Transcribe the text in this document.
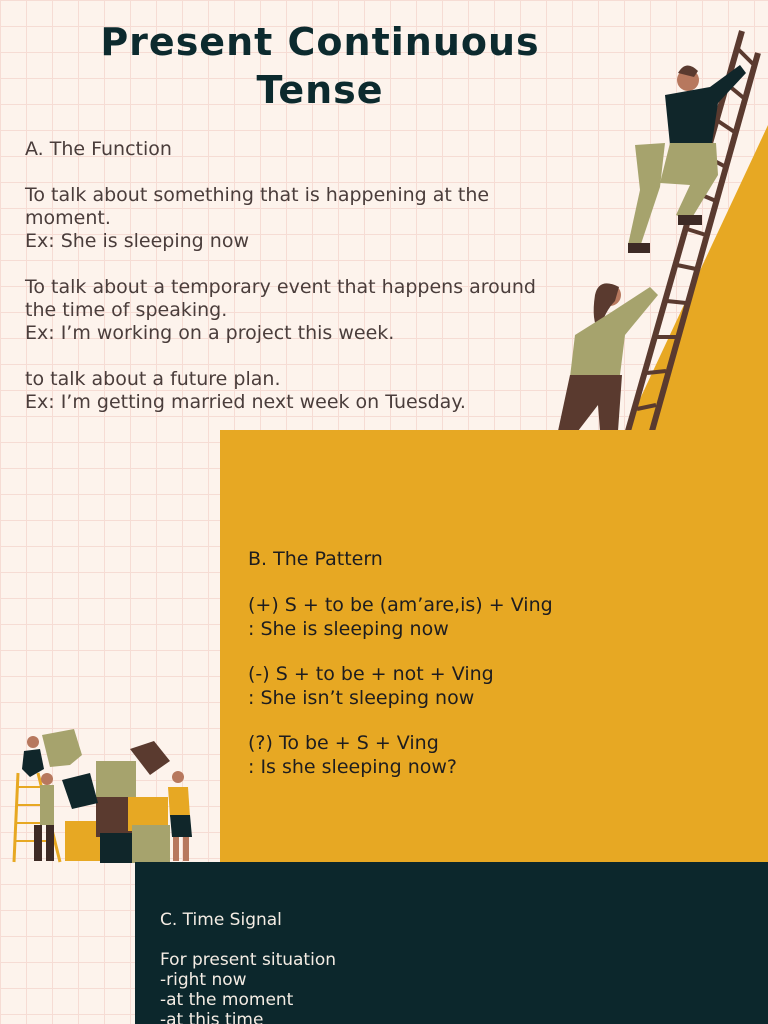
Present Continuous
Tense
A. The Function

To talk about something that is happening at the
moment.
Ex: She is sleeping now

To talk about a temporary event that happens around
the time of speaking.
Ex: I’m working on a project this week.

to talk about a future plan.
Ex: I’m getting married next week on Tuesday.

B. The Pattern
(+) S + to be (am’are,is) + Ving
: She is sleeping now
(-) S + to be + not + Ving
: She isn’t sleeping now
(?) To be + S + Ving
: Is she sleeping now?
C. Time Signal
For present situation
-right now
-at the moment
-at this time
